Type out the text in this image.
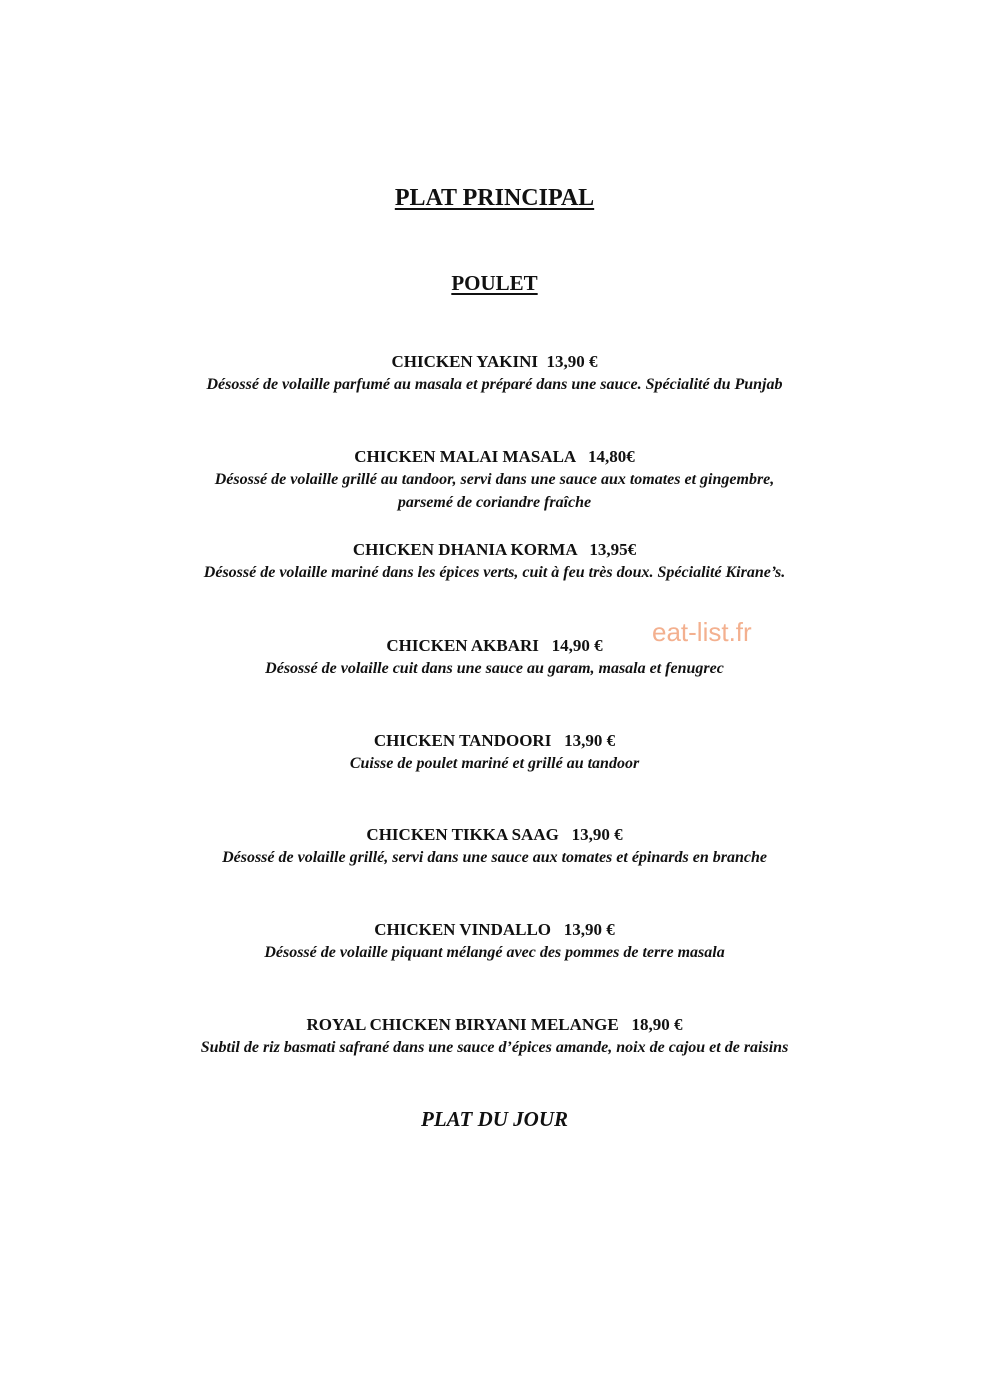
PLAT PRINCIPAL
POULET
CHICKEN YAKINI  13,90 €
Désossé de volaille parfumé au masala et préparé dans une sauce. Spécialité du Punjab
CHICKEN MALAI MASALA   14,80€
Désossé de volaille grillé au tandoor, servi dans une sauce aux tomates et gingembre,
parsemé de coriandre fraîche
CHICKEN DHANIA KORMA   13,95€
Désossé de volaille mariné dans les épices verts, cuit à feu très doux. Spécialité Kirane’s.
CHICKEN AKBARI   14,90 €
Désossé de volaille cuit dans une sauce au garam, masala et fenugrec
CHICKEN TANDOORI   13,90 €
Cuisse de poulet mariné et grillé au tandoor
CHICKEN TIKKA SAAG   13,90 €
Désossé de volaille grillé, servi dans une sauce aux tomates et épinards en branche
CHICKEN VINDALLO   13,90 €
Désossé de volaille piquant mélangé avec des pommes de terre masala
ROYAL CHICKEN BIRYANI MELANGE   18,90 €
Subtil de riz basmati safrané dans une sauce d’épices amande, noix de cajou et de raisins
PLAT DU JOUR
eat-list.fr
